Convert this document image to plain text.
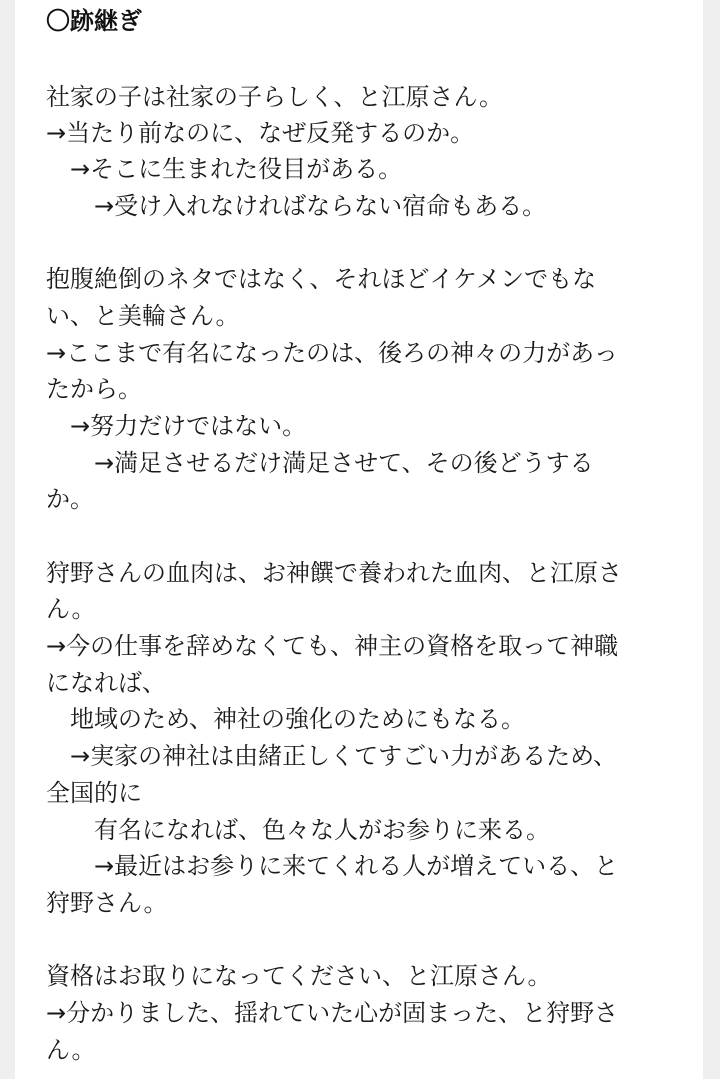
〇跡継ぎ
社家の子は社家の子らしく、と江原さん。
→当たり前なのに、なぜ反発するのか。
　→そこに生まれた役目がある。
　　→受け入れなければならない宿命もある。
抱腹絶倒のネタではなく、それほどイケメンでもな
い、と美輪さん。
→ここまで有名になったのは、後ろの神々の力があっ
たから。
　→努力だけではない。
　　→満足させるだけ満足させて、その後どうする
か。
狩野さんの血肉は、お神饌で養われた血肉、と江原さ
ん。
→今の仕事を辞めなくても、神主の資格を取って神職
になれば、
　地域のため、神社の強化のためにもなる。
　→実家の神社は由緒正しくてすごい力があるため、
全国的に
　　有名になれば、色々な人がお参りに来る。
　　→最近はお参りに来てくれる人が増えている、と
狩野さん。
資格はお取りになってください、と江原さん。
→分かりました、揺れていた心が固まった、と狩野さ
ん。
